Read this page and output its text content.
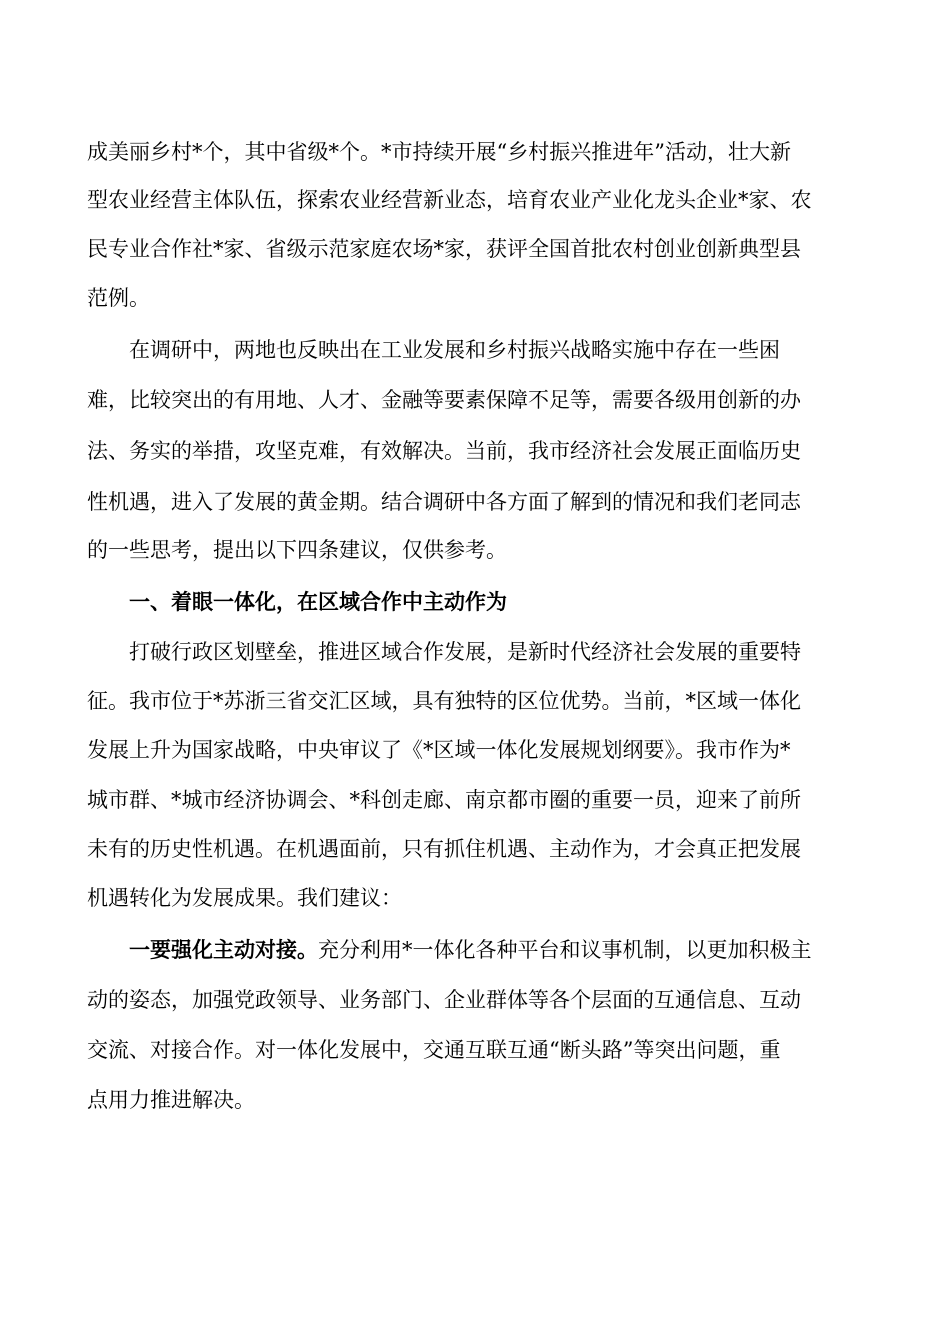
成美丽乡村*个，其中省级*个。*市持续开展“乡村振兴推进年”活动，壮大新
型农业经营主体队伍，探索农业经营新业态，培育农业产业化龙头企业*家、农
民专业合作社*家、省级示范家庭农场*家，获评全国首批农村创业创新典型县
范例。
在调研中，两地也反映出在工业发展和乡村振兴战略实施中存在一些困
难，比较突出的有用地、人才、金融等要素保障不足等，需要各级用创新的办
法、务实的举措，攻坚克难，有效解决。当前，我市经济社会发展正面临历史
性机遇，进入了发展的黄金期。结合调研中各方面了解到的情况和我们老同志
的一些思考，提出以下四条建议，仅供参考。
一、着眼一体化，在区域合作中主动作为
打破行政区划壁垒，推进区域合作发展，是新时代经济社会发展的重要特
征。我市位于*苏浙三省交汇区域，具有独特的区位优势。当前，*区域一体化
发展上升为国家战略，中央审议了《*区域一体化发展规划纲要》。我市作为*
城市群、*城市经济协调会、*科创走廊、南京都市圈的重要一员，迎来了前所
未有的历史性机遇。在机遇面前，只有抓住机遇、主动作为，才会真正把发展
机遇转化为发展成果。我们建议：
一要强化主动对接。充分利用*一体化各种平台和议事机制，以更加积极主
动的姿态，加强党政领导、业务部门、企业群体等各个层面的互通信息、互动
交流、对接合作。对一体化发展中，交通互联互通“断头路”等突出问题，重
点用力推进解决。
